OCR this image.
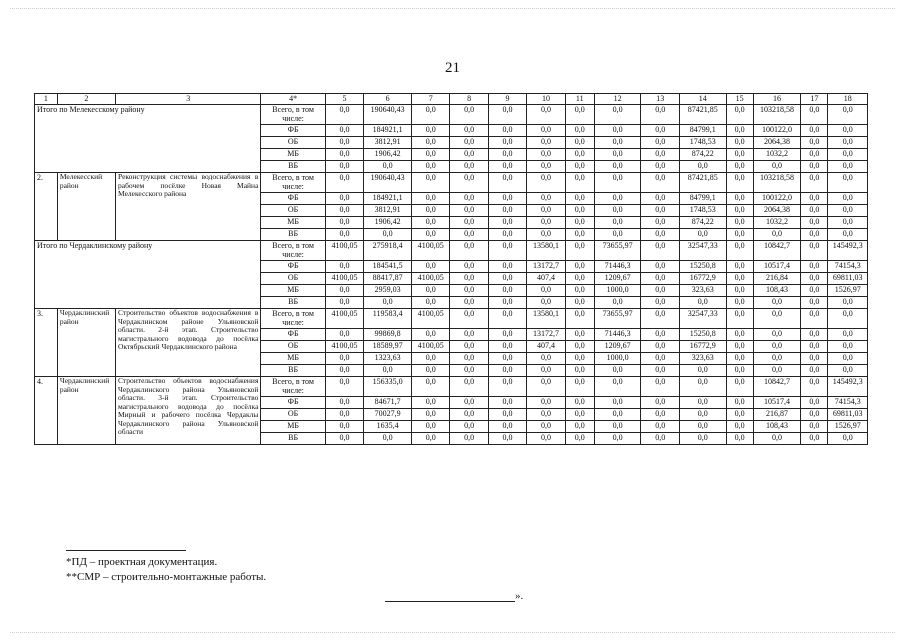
21
1	2	3	4*	5	6	7	8	9	10	11	12	13	14	15	16	17	18
Итого по Мелекесскому району			Всего, в том числе:	0,0	190640,43	0,0	0,0	0,0	0,0	0,0	0,0	0,0	87421,85	0,0	103218,58	0,0	0,0
			ФБ	0,0	184921,1	0,0	0,0	0,0	0,0	0,0	0,0	0,0	84799,1	0,0	100122,0	0,0	0,0
			ОБ	0,0	3812,91	0,0	0,0	0,0	0,0	0,0	0,0	0,0	1748,53	0,0	2064,38	0,0	0,0
			МБ	0,0	1906,42	0,0	0,0	0,0	0,0	0,0	0,0	0,0	874,22	0,0	1032,2	0,0	0,0
			ВБ	0,0	0,0	0,0	0,0	0,0	0,0	0,0	0,0	0,0	0,0	0,0	0,0	0,0	0,0
2.	Мелекесский район	Реконструкция системы водоснабжения в рабочем посёлке Новая Майна Мелекесского района	Всего, в том числе:	0,0	190640,43	0,0	0,0	0,0	0,0	0,0	0,0	0,0	87421,85	0,0	103218,58	0,0	0,0
			ФБ	0,0	184921,1	0,0	0,0	0,0	0,0	0,0	0,0	0,0	84799,1	0,0	100122,0	0,0	0,0
			ОБ	0,0	3812,91	0,0	0,0	0,0	0,0	0,0	0,0	0,0	1748,53	0,0	2064,38	0,0	0,0
			МБ	0,0	1906,42	0,0	0,0	0,0	0,0	0,0	0,0	0,0	874,22	0,0	1032,2	0,0	0,0
			ВБ	0,0	0,0	0,0	0,0	0,0	0,0	0,0	0,0	0,0	0,0	0,0	0,0	0,0	0,0
Итого по Чердаклинскому району			Всего, в том числе:	4100,05	275918,4	4100,05	0,0	0,0	13580,1	0,0	73655,97	0,0	32547,33	0,0	10842,7	0,0	145492,3
			ФБ	0,0	184541,5	0,0	0,0	0,0	13172,7	0,0	71446,3	0,0	15250,8	0,0	10517,4	0,0	74154,3
			ОБ	4100,05	88417,87	4100,05	0,0	0,0	407,4	0,0	1209,67	0,0	16772,9	0,0	216,84	0,0	69811,03
			МБ	0,0	2959,03	0,0	0,0	0,0	0,0	0,0	1000,0	0,0	323,63	0,0	108,43	0,0	1526,97
			ВБ	0,0	0,0	0,0	0,0	0,0	0,0	0,0	0,0	0,0	0,0	0,0	0,0	0,0	0,0
3.	Чердаклинский район	Строительство объектов водоснабжения в Чердаклинском районе Ульяновской области. 2-й этап. Строительство магистрального водовода до посёлка Октябрьский Чердаклинского района	Всего, в том числе:	4100,05	119583,4	4100,05	0,0	0,0	13580,1	0,0	73655,97	0,0	32547,33	0,0	0,0	0,0	0,0
			ФБ	0,0	99869,8	0,0	0,0	0,0	13172,7	0,0	71446,3	0,0	15250,8	0,0	0,0	0,0	0,0
			ОБ	4100,05	18589,97	4100,05	0,0	0,0	407,4	0,0	1209,67	0,0	16772,9	0,0	0,0	0,0	0,0
			МБ	0,0	1323,63	0,0	0,0	0,0	0,0	0,0	1000,0	0,0	323,63	0,0	0,0	0,0	0,0
			ВБ	0,0	0,0	0,0	0,0	0,0	0,0	0,0	0,0	0,0	0,0	0,0	0,0	0,0	0,0
4.	Чердаклинский район	Строительство объектов водоснабжения Чердаклинского района Ульяновской области. 3-й этап. Строительство магистрального водовода до посёлка Мирный и рабочего посёлка Чердаклы Чердаклинского района Ульяновской области	Всего, в том числе:	0,0	156335,0	0,0	0,0	0,0	0,0	0,0	0,0	0,0	0,0	0,0	10842,7	0,0	145492,3
			ФБ	0,0	84671,7	0,0	0,0	0,0	0,0	0,0	0,0	0,0	0,0	0,0	10517,4	0,0	74154,3
			ОБ	0,0	70027,9	0,0	0,0	0,0	0,0	0,0	0,0	0,0	0,0	0,0	216,87	0,0	69811,03
			МБ	0,0	1635,4	0,0	0,0	0,0	0,0	0,0	0,0	0,0	0,0	0,0	108,43	0,0	1526,97
			ВБ	0,0	0,0	0,0	0,0	0,0	0,0	0,0	0,0	0,0	0,0	0,0	0,0	0,0	0,0
*ПД – проектная документация.
**СМР – строительно-монтажные работы.
».
